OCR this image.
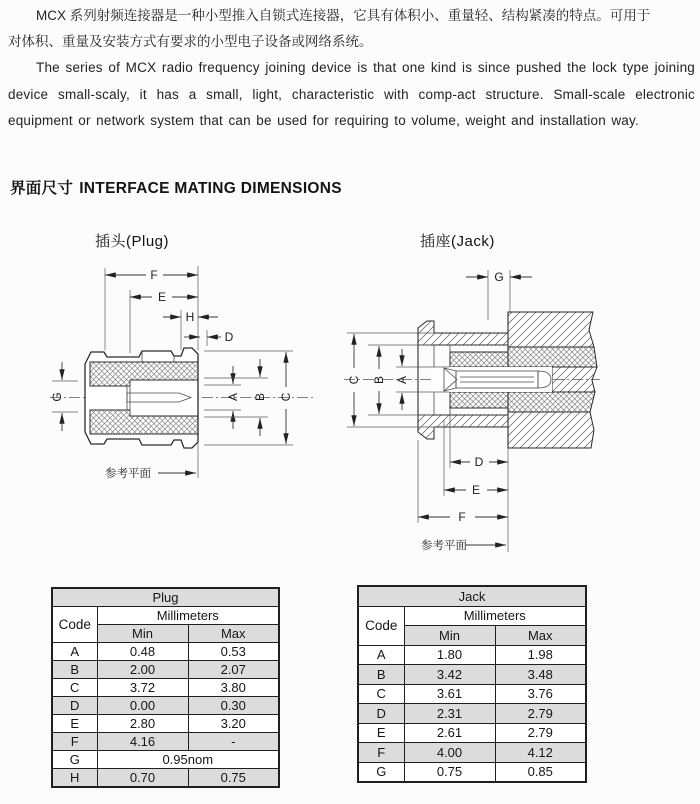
MCX 系列射频连接器是一种小型推入自锁式连接器，它具有体积小、重量轻、结构紧凑的特点。可用于
对体积、重量及安装方式有要求的小型电子设备或网络系统。

The series of MCX radio frequency joining device is that one kind is since pushed the lock type joining device small-scaly, it has a small, light, characteristic with comp-act structure. Small-scale electronic equipment or network system that can be used for requiring to volume, weight and installation way.

界面尺寸 INTERFACE MATING DIMENSIONS
插头(Plug)	插座(Jack)
F
E
H
D
G	A B C
参考平面
G
C B A
D
E
F
参考平面
Plug		
Code	Millimeters	
	Min	Max
A	0.48	0.53
B	2.00	2.07
C	3.72	3.80
D	0.00	0.30
E	2.80	3.20
F	4.16	-
G	0.95nom	
H	0.70	0.75
Jack		
Code	Millimeters	
	Min	Max
A	1.80	1.98
B	3.42	3.48
C	3.61	3.76
D	2.31	2.79
E	2.61	2.79
F	4.00	4.12
G	0.75	0.85
